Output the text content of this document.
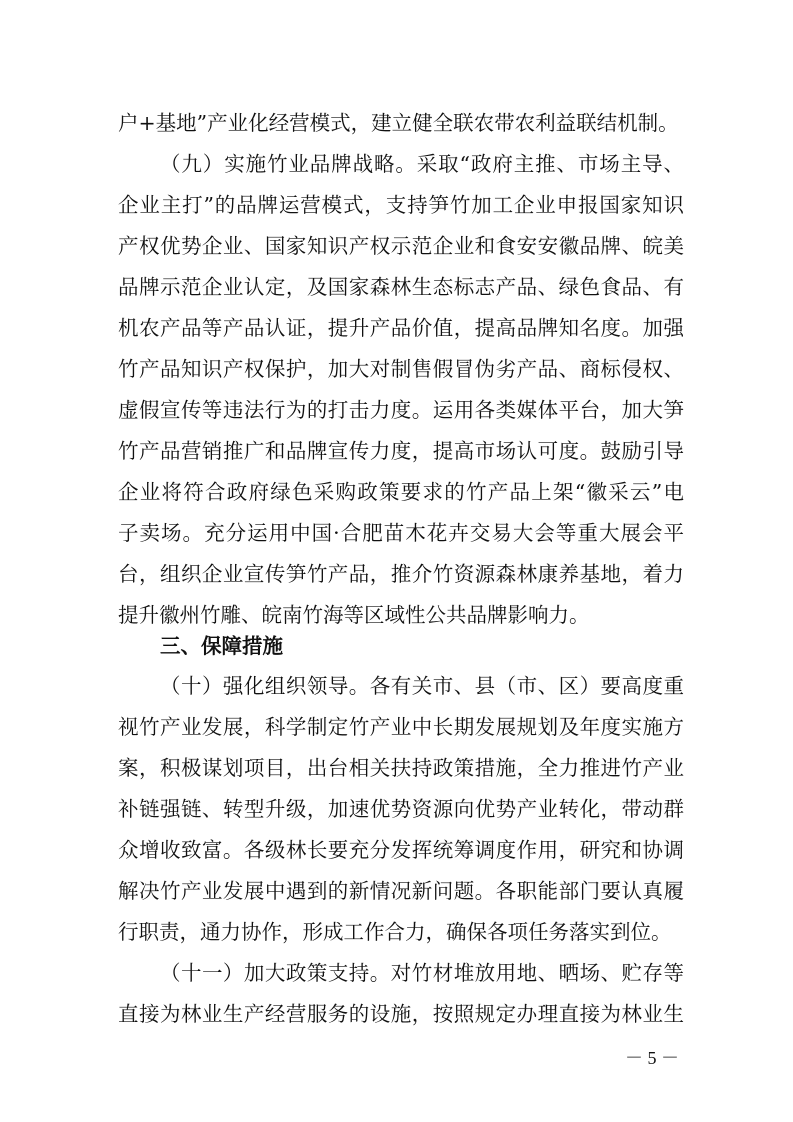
户+基地”产业化经营模式，建立健全联农带农利益联结机制。
（九）实施竹业品牌战略。采取“政府主推、市场主导、
企业主打”的品牌运营模式，支持笋竹加工企业申报国家知识
产权优势企业、国家知识产权示范企业和食安安徽品牌、皖美
品牌示范企业认定，及国家森林生态标志产品、绿色食品、有
机农产品等产品认证，提升产品价值，提高品牌知名度。加强
竹产品知识产权保护，加大对制售假冒伪劣产品、商标侵权、
虚假宣传等违法行为的打击力度。运用各类媒体平台，加大笋
竹产品营销推广和品牌宣传力度，提高市场认可度。鼓励引导
企业将符合政府绿色采购政策要求的竹产品上架“徽采云”电
子卖场。充分运用中国·合肥苗木花卉交易大会等重大展会平
台，组织企业宣传笋竹产品，推介竹资源森林康养基地，着力
提升徽州竹雕、皖南竹海等区域性公共品牌影响力。
三、保障措施
（十）强化组织领导。各有关市、县（市、区）要高度重
视竹产业发展，科学制定竹产业中长期发展规划及年度实施方
案，积极谋划项目，出台相关扶持政策措施，全力推进竹产业
补链强链、转型升级，加速优势资源向优势产业转化，带动群
众增收致富。各级林长要充分发挥统筹调度作用，研究和协调
解决竹产业发展中遇到的新情况新问题。各职能部门要认真履
行职责，通力协作，形成工作合力，确保各项任务落实到位。
（十一）加大政策支持。对竹材堆放用地、晒场、贮存等
直接为林业生产经营服务的设施，按照规定办理直接为林业生
－ 5 －
